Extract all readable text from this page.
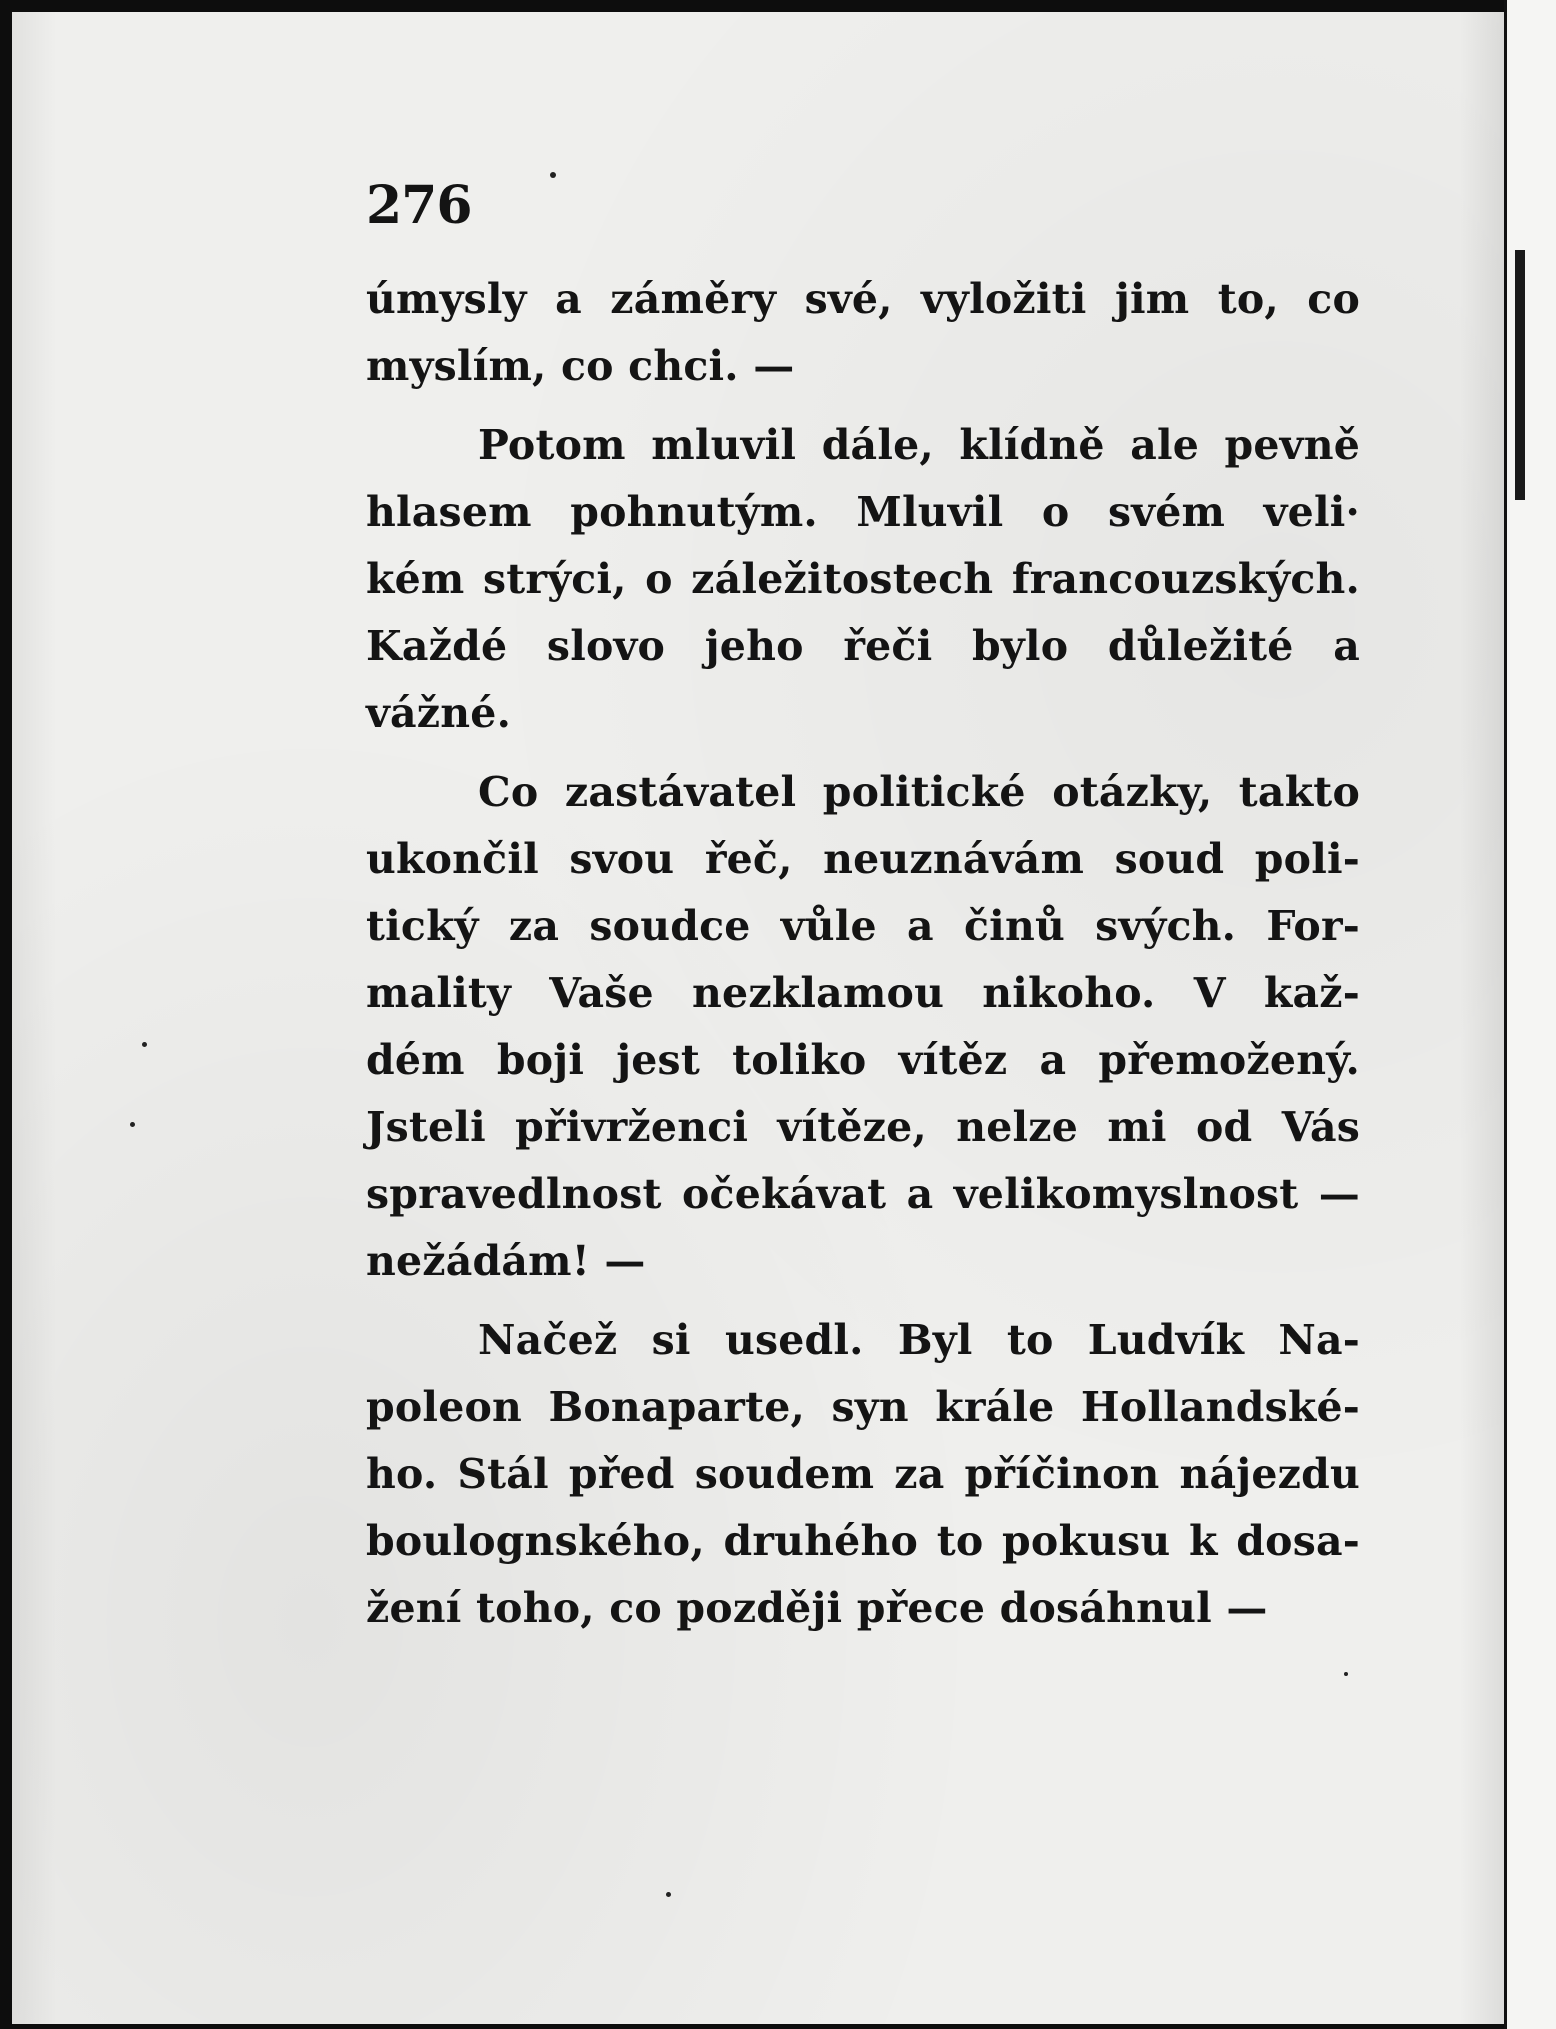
276
úmysly a záměry své, vyložiti jim to, co
myslím, co chci. —
Potom mluvil dále, klídně ale pevně
hlasem pohnutým. Mluvil o svém veli·
kém strýci, o záležitostech francouzských.
Každé slovo jeho řeči bylo důležité a
vážné.
Co zastávatel politické otázky, takto
ukončil svou řeč, neuznávám soud poli-
tický za soudce vůle a činů svých. For-
mality Vaše nezklamou nikoho. V kaž-
dém boji jest toliko vítěz a přemožený.
Jsteli přivrženci vítěze, nelze mi od Vás
spravedlnost očekávat a velikomyslnost —
nežádám! —
Načež si usedl. Byl to Ludvík Na-
poleon Bonaparte, syn krále Hollandské-
ho. Stál před soudem za příčinon nájezdu
boulognského, druhého to pokusu k dosa-
žení toho, co později přece dosáhnul —
